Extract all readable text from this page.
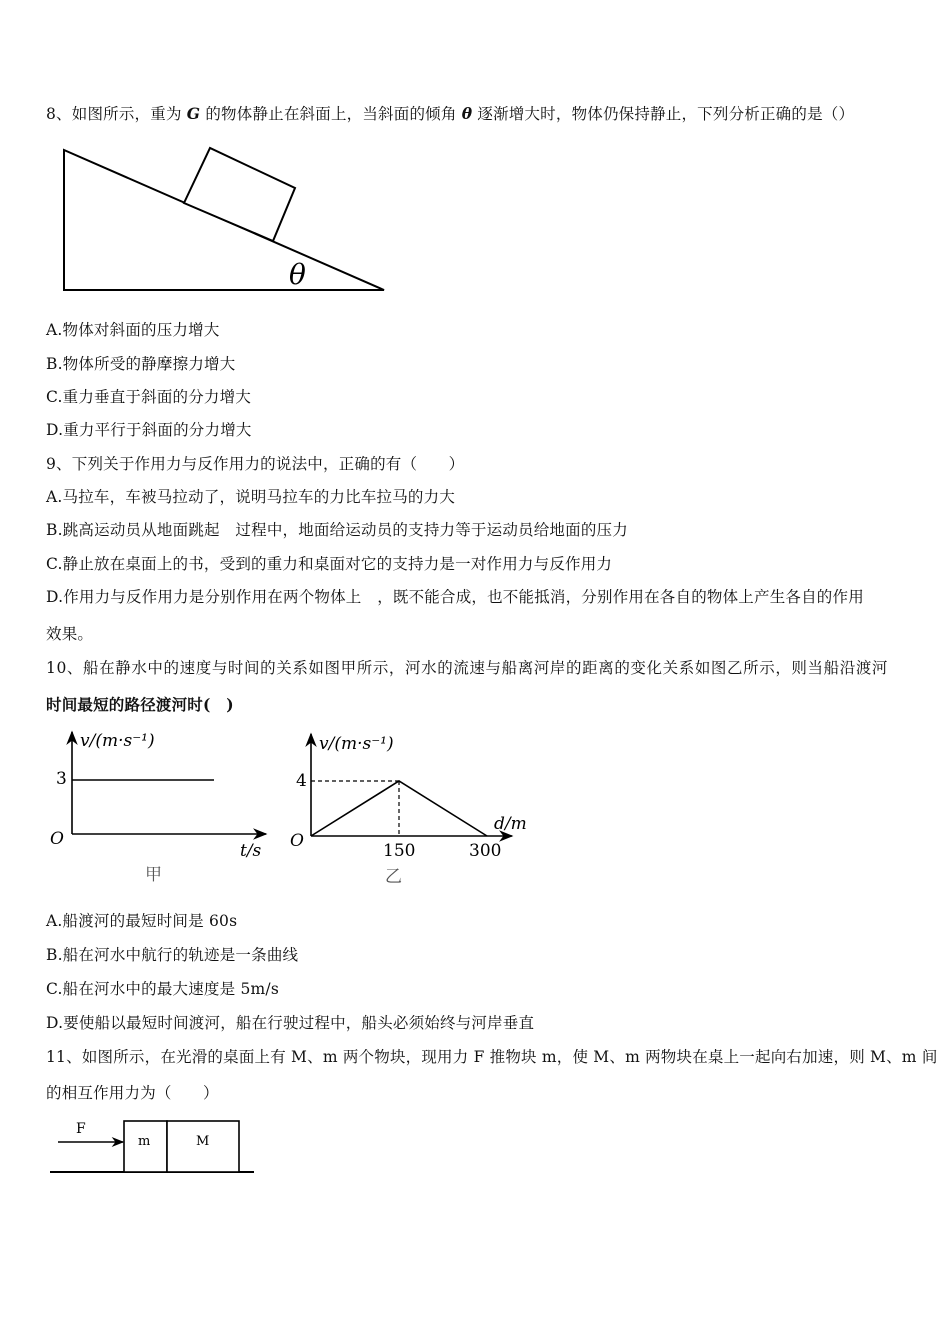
8、如图所示，重为 G 的物体静止在斜面上，当斜面的倾角 θ 逐渐增大时，物体仍保持静止，下列分析正确的是（）
θ
A.物体对斜面的压力增大
B.物体所受的静摩擦力增大
C.重力垂直于斜面的分力增大
D.重力平行于斜面的分力增大
9、下列关于作用力与反作用力的说法中，正确的有（　　）
A.马拉车，车被马拉动了，说明马拉车的力比车拉马的力大
B.跳高运动员从地面跳起　过程中，地面给运动员的支持力等于运动员给地面的压力
C.静止放在桌面上的书，受到的重力和桌面对它的支持力是一对作用力与反作用力
D.作用力与反作用力是分别作用在两个物体上　，既不能合成，也不能抵消，分别作用在各自的物体上产生各自的作用
效果。
10、船在静水中的速度与时间的关系如图甲所示，河水的流速与船离河岸的距离的变化关系如图乙所示，则当船沿渡河
时间最短的路径渡河时(　)
v/(m·s⁻¹)
3
O
t/s
甲
v/(m·s⁻¹)
4
O	150	300
d/m
乙
A.船渡河的最短时间是 60s
B.船在河水中航行的轨迹是一条曲线
C.船在河水中的最大速度是 5m/s
D.要使船以最短时间渡河，船在行驶过程中，船头必须始终与河岸垂直
11、如图所示，在光滑的桌面上有 M、m 两个物块，现用力 F 推物块 m，使 M、m 两物块在桌上一起向右加速，则 M、m 间
的相互作用力为（　　）
F
m	M
